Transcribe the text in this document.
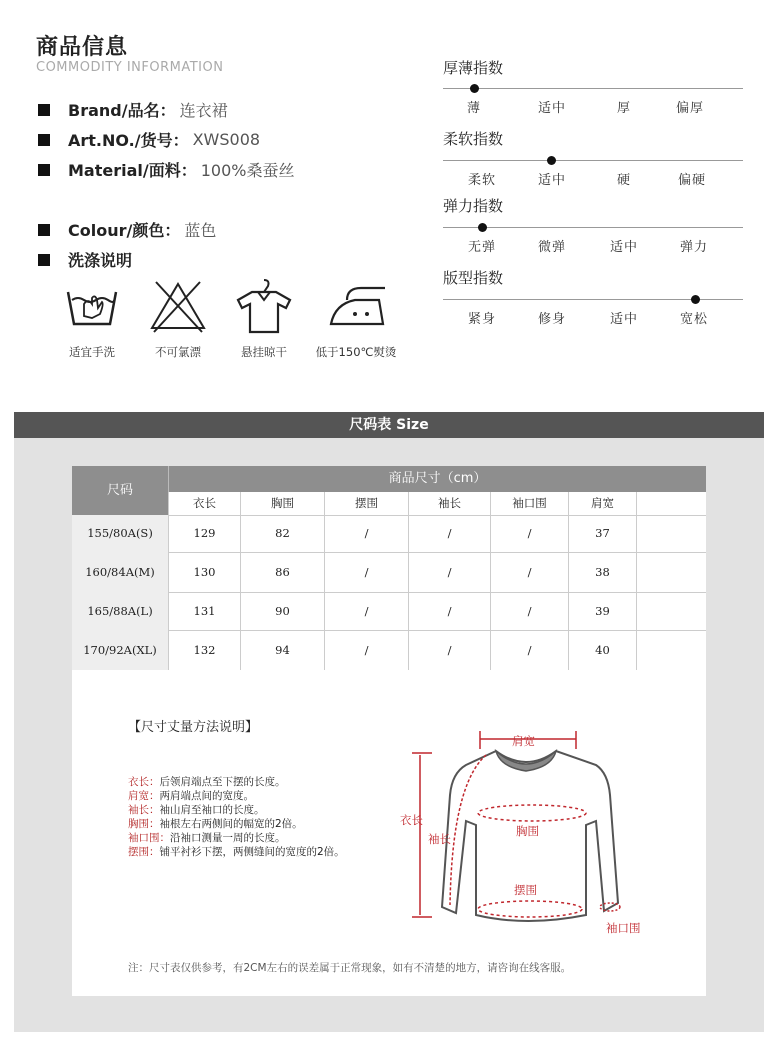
商品信息
COMMODITY INFORMATION
Brand/品名： 连衣裙
Art.NO./货号： XWS008
Material/面料： 100%桑蚕丝
Colour/颜色： 蓝色
洗涤说明
适宜手洗	不可氯漂	悬挂晾干	低于150℃熨烫
厚薄指数
薄	适中	厚	偏厚
柔软指数
柔软	适中	硬	偏硬
弹力指数
无弹	微弹	适中	弹力
版型指数
紧身	修身	适中	宽松
尺码表 Size
尺码
商品尺寸（cm）
衣长	胸围	摆围	袖长	袖口围	肩宽
155/80A(S)	129	82	/	/	/	37
160/84A(M)	130	86	/	/	/	38
165/88A(L)	131	90	/	/	/	39
170/92A(XL)	132	94	/	/	/	40
【尺寸丈量方法说明】
衣长：后领肩端点至下摆的长度。
肩宽：两肩端点间的宽度。
袖长：袖山肩至袖口的长度。
胸围：袖根左右两侧间的幅宽的2倍。
袖口围：沿袖口测量一周的长度。
摆围：铺平衬衫下摆，两侧缝间的宽度的2倍。
肩宽
衣长
袖长
胸围
摆围
袖口围
注：尺寸表仅供参考，有2CM左右的误差属于正常现象，如有不清楚的地方，请咨询在线客服。
